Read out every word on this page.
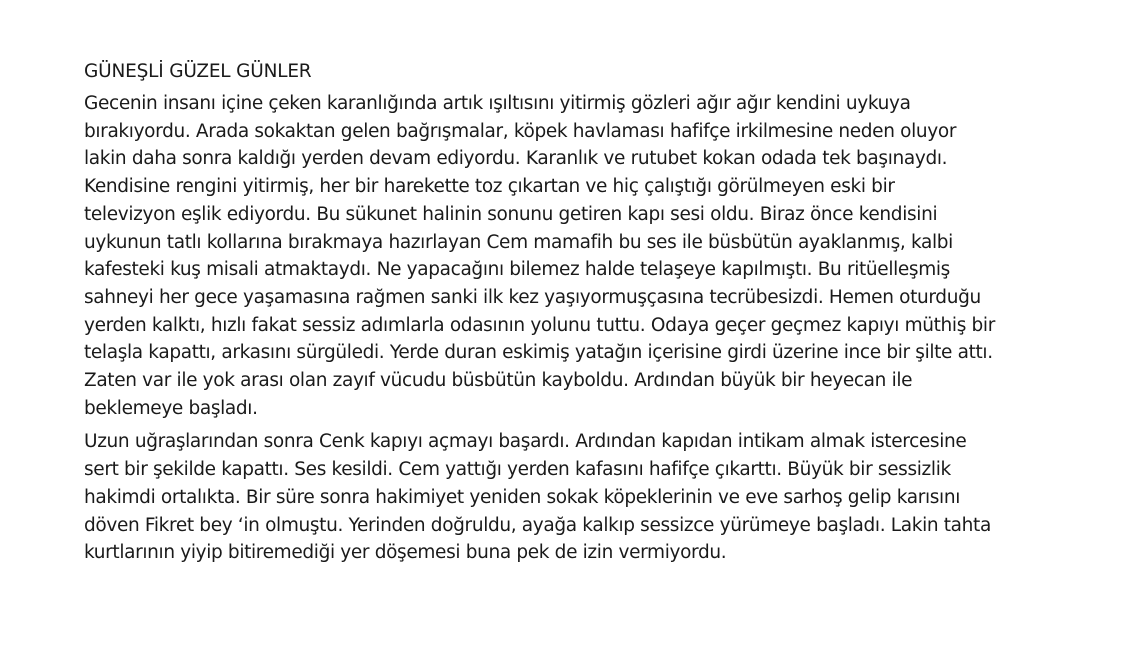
GÜNEŞLİ GÜZEL GÜNLER
Gecenin insanı içine çeken karanlığında artık ışıltısını yitirmiş gözleri ağır ağır kendini uykuya
bırakıyordu. Arada sokaktan gelen bağrışmalar, köpek havlaması hafifçe irkilmesine neden oluyor
lakin daha sonra kaldığı yerden devam ediyordu. Karanlık ve rutubet kokan odada tek başınaydı.
Kendisine rengini yitirmiş, her bir harekette toz çıkartan ve hiç çalıştığı görülmeyen eski bir
televizyon eşlik ediyordu. Bu sükunet halinin sonunu getiren kapı sesi oldu. Biraz önce kendisini
uykunun tatlı kollarına bırakmaya hazırlayan Cem mamafih bu ses ile büsbütün ayaklanmış, kalbi
kafesteki kuş misali atmaktaydı. Ne yapacağını bilemez halde telaşeye kapılmıştı. Bu ritüelleşmiş
sahneyi her gece yaşamasına rağmen sanki ilk kez yaşıyormuşçasına tecrübesizdi. Hemen oturduğu
yerden kalktı, hızlı fakat sessiz adımlarla odasının yolunu tuttu. Odaya geçer geçmez kapıyı müthiş bir
telaşla kapattı, arkasını sürgüledi. Yerde duran eskimiş yatağın içerisine girdi üzerine ince bir şilte attı.
Zaten var ile yok arası olan zayıf vücudu büsbütün kayboldu. Ardından büyük bir heyecan ile
beklemeye başladı.
Uzun uğraşlarından sonra Cenk kapıyı açmayı başardı. Ardından kapıdan intikam almak istercesine
sert bir şekilde kapattı. Ses kesildi. Cem yattığı yerden kafasını hafifçe çıkarttı. Büyük bir sessizlik
hakimdi ortalıkta. Bir süre sonra hakimiyet yeniden sokak köpeklerinin ve eve sarhoş gelip karısını
döven Fikret bey ‘in olmuştu. Yerinden doğruldu, ayağa kalkıp sessizce yürümeye başladı. Lakin tahta
kurtlarının yiyip bitiremediği yer döşemesi buna pek de izin vermiyordu.
